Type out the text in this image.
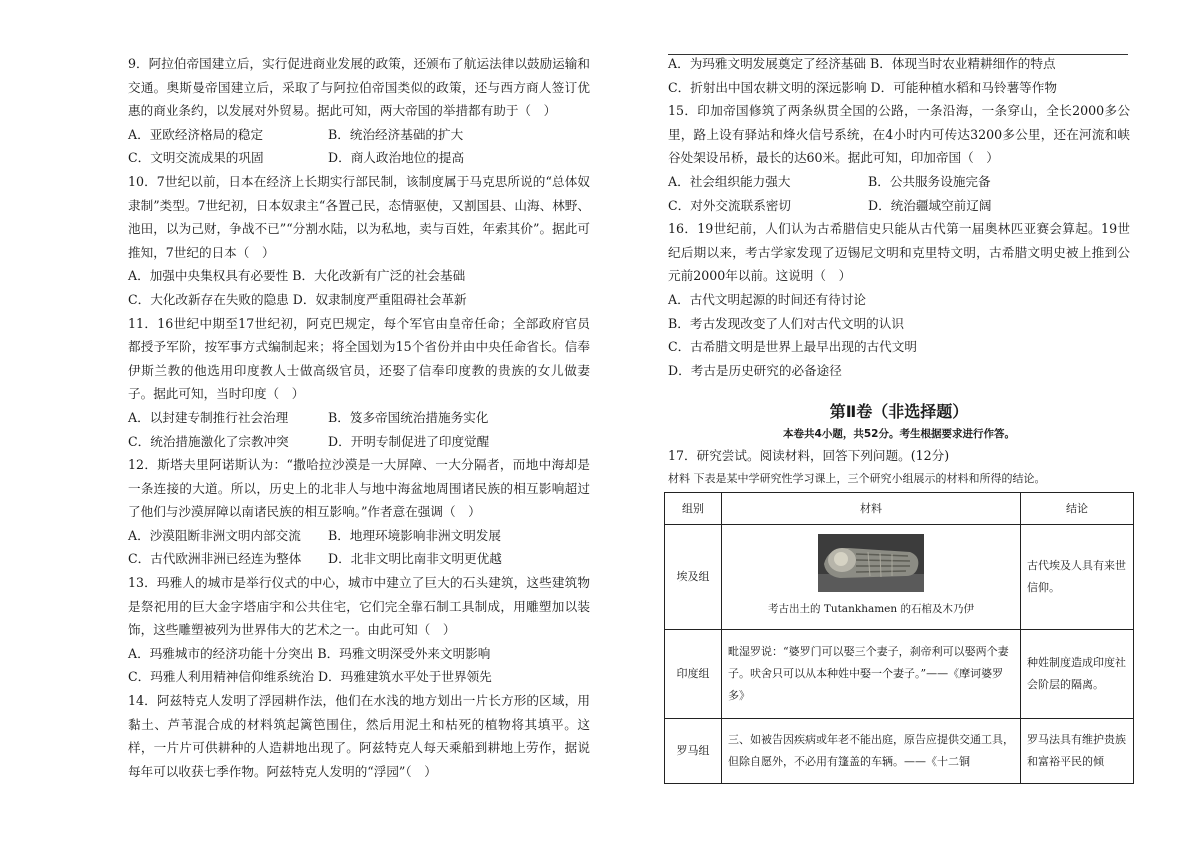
9．阿拉伯帝国建立后，实行促进商业发展的政策，还颁布了航运法律以鼓励运输和交通。奥斯曼帝国建立后，采取了与阿拉伯帝国类似的政策，还与西方商人签订优惠的商业条约，以发展对外贸易。据此可知，两大帝国的举措都有助于（　）

A．亚欧经济格局的稳定	B．统治经济基础的扩大
C．文明交流成果的巩固	D．商人政治地位的提高

10．7世纪以前，日本在经济上长期实行部民制，该制度属于马克思所说的“总体奴隶制”类型。7世纪初，日本奴隶主“各置己民，态情驱使，又割国县、山海、林野、池田，以为己财，争战不已”“分割水陆，以为私地，卖与百姓，年索其价”。据此可推知，7世纪的日本（　）

A．加强中央集权具有必要性 B．大化改新有广泛的社会基础
C．大化改新存在失败的隐患 D．奴隶制度严重阻碍社会革新

11．16世纪中期至17世纪初，阿克巴规定，每个军官由皇帝任命；全部政府官员都授予军阶，按军事方式编制起来；将全国划为15个省份并由中央任命省长。信奉伊斯兰教的他选用印度教人士做高级官员，还娶了信奉印度教的贵族的女儿做妻子。据此可知，当时印度（　）

A．以封建专制推行社会治理	B．笈多帝国统治措施务实化
C．统治措施激化了宗教冲突	D．开明专制促进了印度觉醒

12．斯塔夫里阿诺斯认为：“撒哈拉沙漠是一大屏障、一大分隔者，而地中海却是一条连接的大道。所以，历史上的北非人与地中海盆地周围诸民族的相互影响超过了他们与沙漠屏障以南诸民族的相互影响。”作者意在强调（　）

A．沙漠阻断非洲文明内部交流	B．地理环境影响非洲文明发展
C．古代欧洲非洲已经连为整体	D．北非文明比南非文明更优越

13．玛雅人的城市是举行仪式的中心，城市中建立了巨大的石头建筑，这些建筑物是祭祀用的巨大金字塔庙宇和公共住宅，它们完全靠石制工具制成，用雕塑加以装饰，这些雕塑被列为世界伟大的艺术之一。由此可知（　）

A．玛雅城市的经济功能十分突出 B．玛雅文明深受外来文明影响
C．玛雅人利用精神信仰维系统治 D．玛雅建筑水平处于世界领先

14．阿兹特克人发明了浮园耕作法，他们在水浅的地方划出一片长方形的区域，用黏土、芦苇混合成的材料筑起篱笆围住，然后用泥土和枯死的植物将其填平。这样，一片片可供耕种的人造耕地出现了。阿兹特克人每天乘船到耕地上劳作，据说每年可以收获七季作物。阿兹特克人发明的“浮园”（　）

A．为玛雅文明发展奠定了经济基础 B．体现当时农业精耕细作的特点
C．折射出中国农耕文明的深远影响 D．可能种植水稻和马铃薯等作物

15．印加帝国修筑了两条纵贯全国的公路，一条沿海，一条穿山，全长2000多公里，路上设有驿站和烽火信号系统，在4小时内可传达3200多公里，还在河流和峡谷处架设吊桥，最长的达60米。据此可知，印加帝国（　）

A．社会组织能力强大	B．公共服务设施完备
C．对外交流联系密切	D．统治疆域空前辽阔

16．19世纪前，人们认为古希腊信史只能从古代第一届奥林匹亚赛会算起。19世纪后期以来，考古学家发现了迈锡尼文明和克里特文明，古希腊文明史被上推到公元前2000年以前。这说明（　）

A．古代文明起源的时间还有待讨论
B．考古发现改变了人们对古代文明的认识
C．古希腊文明是世界上最早出现的古代文明
D．考古是历史研究的必备途径
第Ⅱ卷（非选择题）
本卷共4小题，共52分。考生根据要求进行作答。
17．研究尝试。阅读材料，回答下列问题。(12分)
材料 下表是某中学研究性学习课上，三个研究小组展示的材料和所得的结论。
组别	材料	结论
埃及组	考古出土的 Tutankhamen 的石棺及木乃伊	古代埃及人具有来世信仰。
印度组	毗湿罗说：“婆罗门可以娶三个妻子，刹帝利可以娶两个妻子。吠舍只可以从本种姓中娶一个妻子。”——《摩诃婆罗多》	种姓制度造成印度社会阶层的隔离。
罗马组	三、如被告因疾病或年老不能出庭，原告应提供交通工具，但除自愿外，不必用有篷盖的车辆。——《十二铜	罗马法具有维护贵族和富裕平民的倾
